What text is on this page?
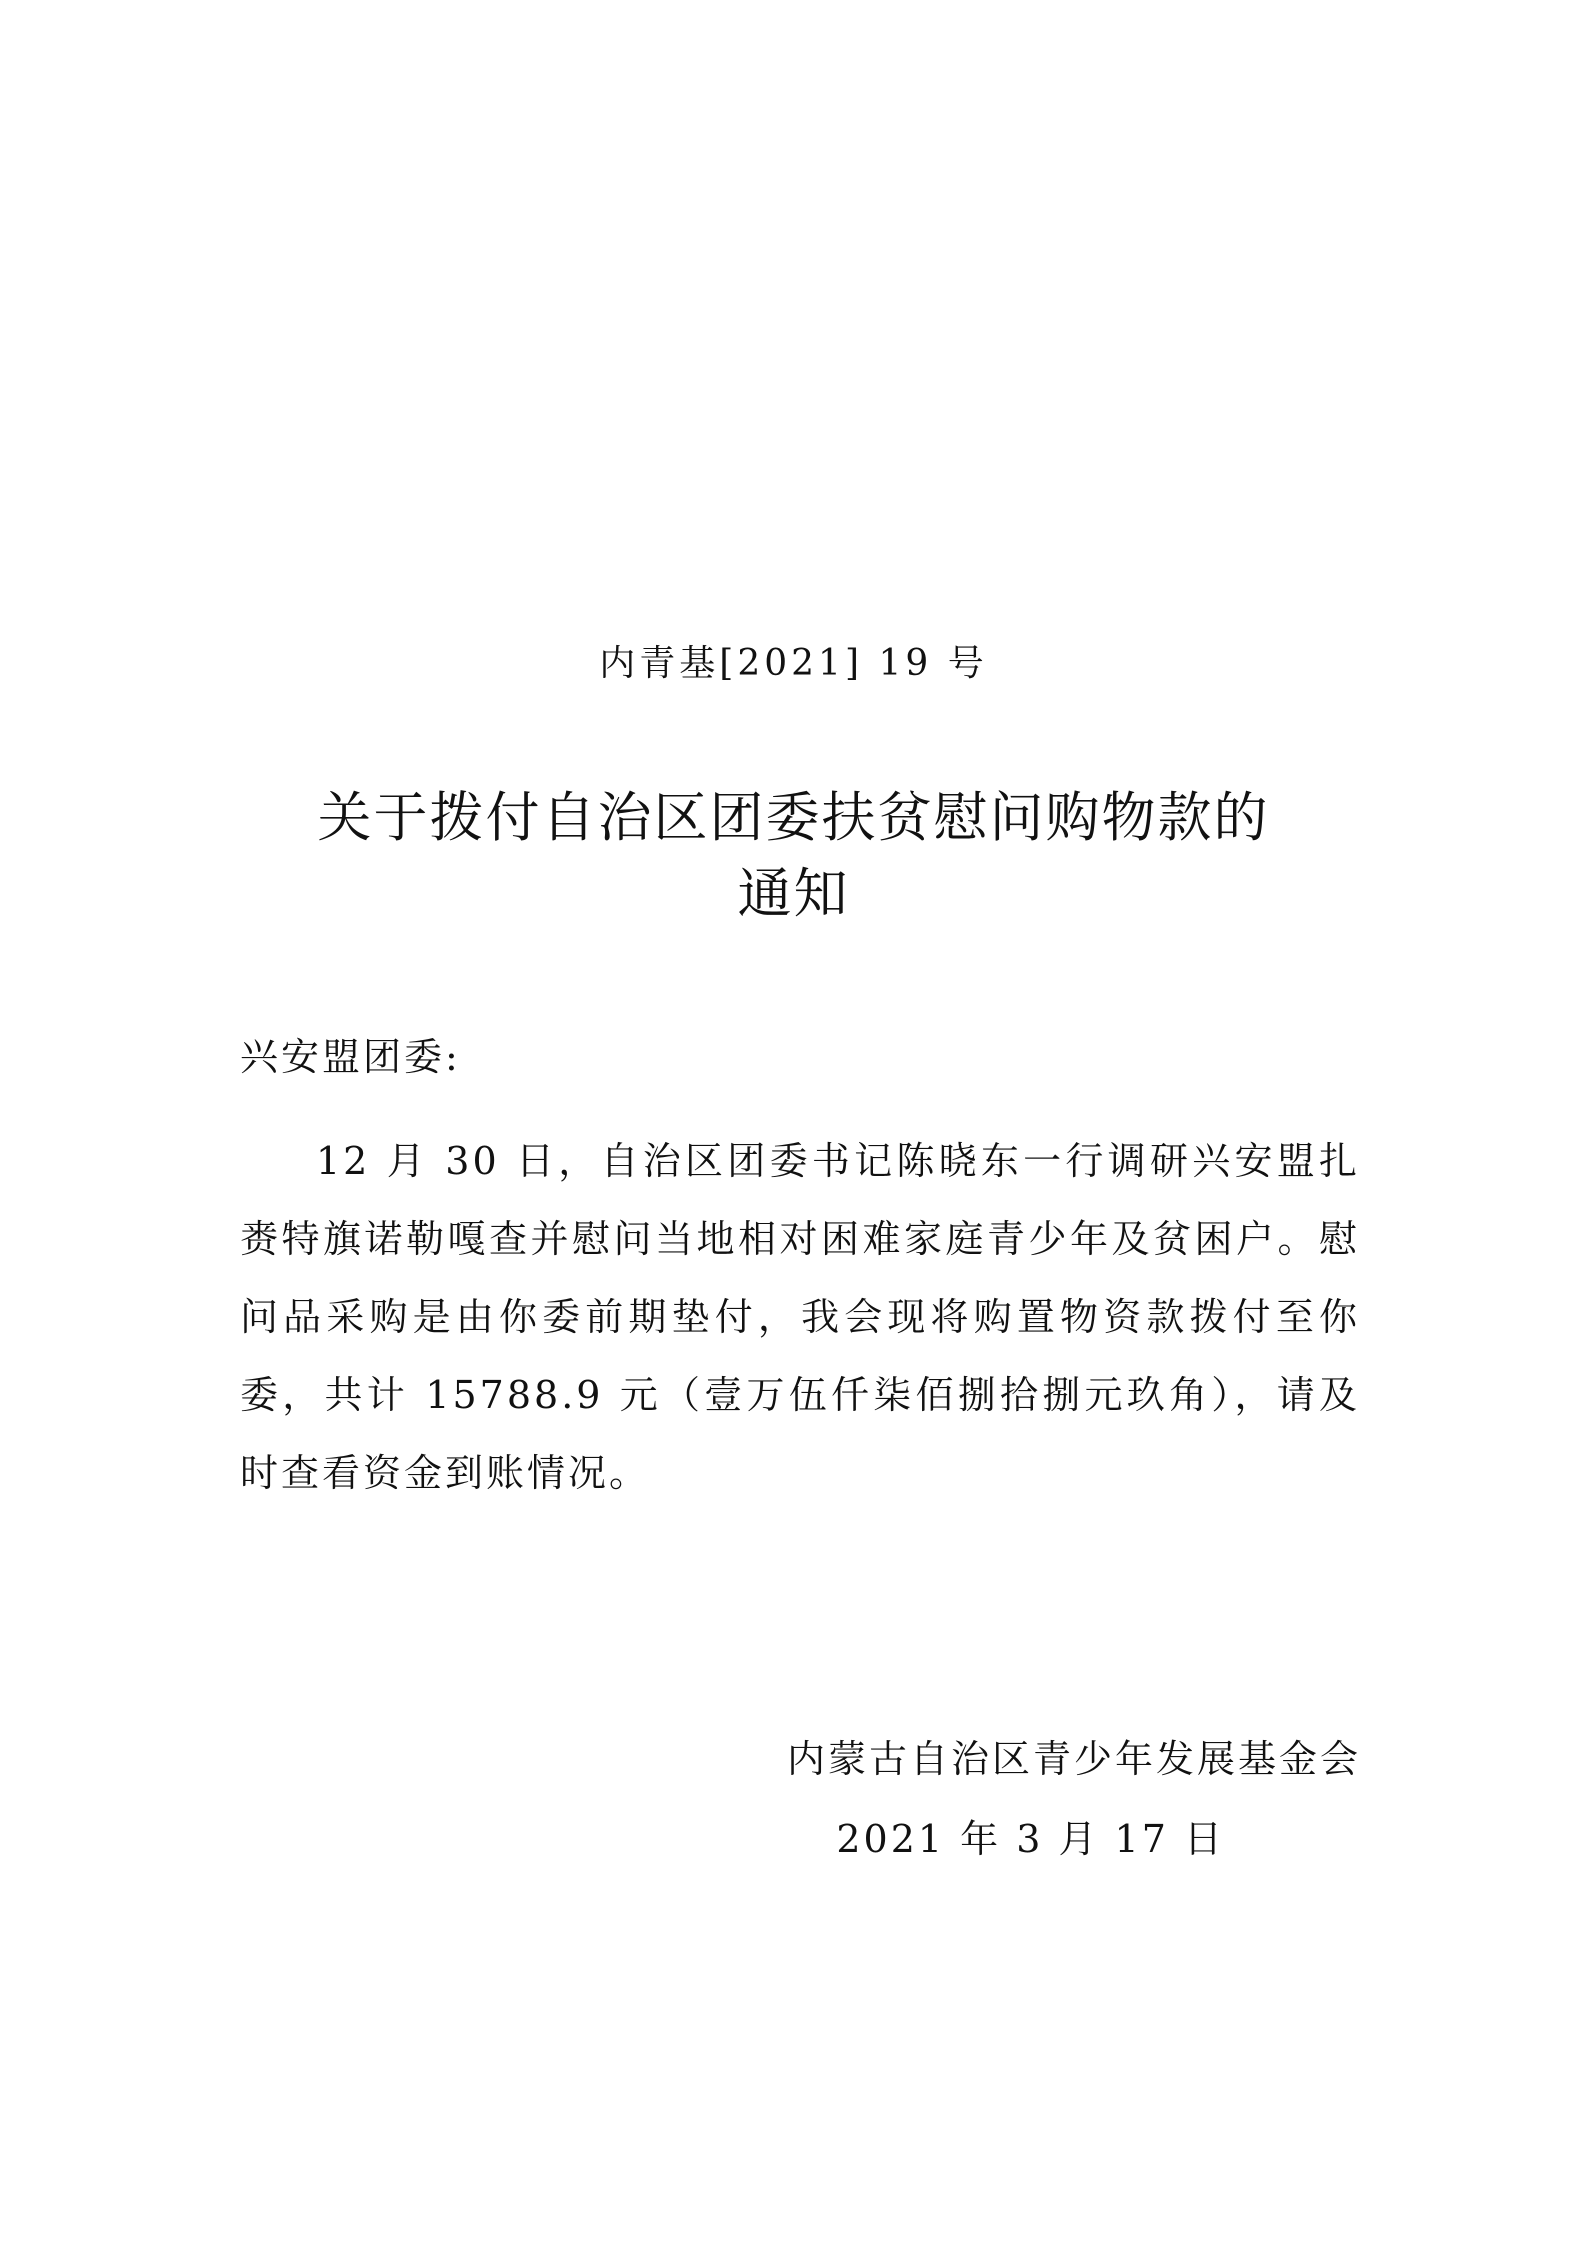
内青基[2021] 19 号
关于拨付自治区团委扶贫慰问购物款的
通知
兴安盟团委:

12 月 30 日，自治区团委书记陈晓东一行调研兴安盟扎赉特旗诺勒嘎查并慰问当地相对困难家庭青少年及贫困户。慰问品采购是由你委前期垫付，我会现将购置物资款拨付至你委，共计 15788.9 元（壹万伍仟柒佰捌拾捌元玖角），请及时查看资金到账情况。

内蒙古自治区青少年发展基金会
2021 年 3 月 17 日
